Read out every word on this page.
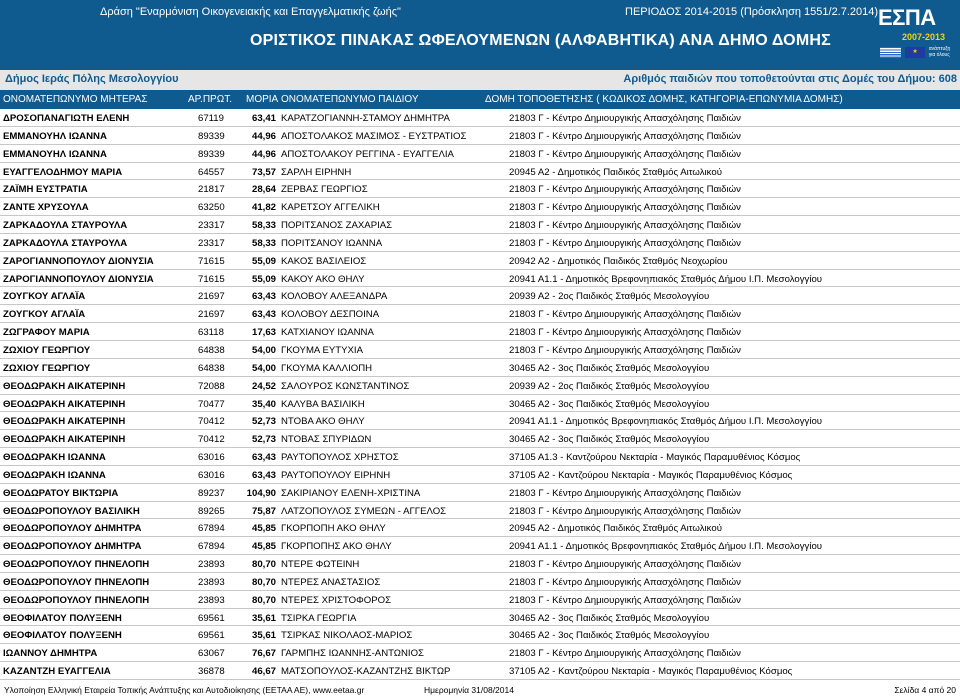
Δράση "Εναρμόνιση Οικογενειακής και Επαγγελματικής ζωής"	ΠΕΡΙΟΔΟΣ 2014-2015 (Πρόσκληση 1551/2.7.2014)
ΟΡΙΣΤΙΚΟΣ ΠΙΝΑΚΑΣ ΩΦΕΛΟΥΜΕΝΩΝ (ΑΛΦΑΒΗΤΙΚΑ) ΑΝΑ ΔΗΜΟ ΔΟΜΗΣ
ΕΣΠΑ
2007-2013
★	ανάπτυξη για όλους
Δήμος Ιεράς Πόλης Μεσολογγίου	Αριθμός παιδιών που τοποθετούνται στις Δομές του Δήμου: 608
ΟΝΟΜΑΤΕΠΩΝΥΜΟ ΜΗΤΕΡΑΣ	ΑΡ.ΠΡΩΤ. ΜΟΡΙΑ ΟΝΟΜΑΤΕΠΩΝΥΜΟ ΠΑΙΔΙΟΥ	ΔΟΜΗ ΤΟΠΟΘΕΤΗΣΗΣ ( ΚΩΔΙΚΟΣ ΔΟΜΗΣ, ΚΑΤΗΓΟΡΙΑ-ΕΠΩΝΥΜΙΑ ΔΟΜΗΣ)
ΔΡΟΣΟΠΑΝΑΓΙΩΤΗ ΕΛΕΝΗ	67119	63,41 ΚΑΡΑΤΖΟΓΙΑΝΝΗ-ΣΤΑΜΟΥ ΔΗΜΗΤΡΑ	21803 Γ - Κέντρο Δημιουργικής Απασχόλησης Παιδιών
ΕΜΜΑΝΟΥΗΛ ΙΩΑΝΝΑ	89339	44,96 ΑΠΟΣΤΟΛΑΚΟΣ ΜΑΣΙΜΟΣ - ΕΥΣΤΡΑΤΙΟΣ	21803 Γ - Κέντρο Δημιουργικής Απασχόλησης Παιδιών
ΕΜΜΑΝΟΥΗΛ ΙΩΑΝΝΑ	89339	44,96 ΑΠΟΣΤΟΛΑΚΟΥ ΡΕΓΓΙΝΑ - ΕΥΑΓΓΕΛΙΑ	21803 Γ - Κέντρο Δημιουργικής Απασχόλησης Παιδιών
ΕΥΑΓΓΕΛΟΔΗΜΟΥ ΜΑΡΙΑ	64557	73,57 ΣΑΡΛΗ ΕΙΡΗΝΗ	20945 Α2 - Δημοτικός Παιδικός Σταθμός Αιτωλικού
ΖΑΪΜΗ ΕΥΣΤΡΑΤΙΑ	21817	28,64 ΖΕΡΒΑΣ ΓΕΩΡΓΙΟΣ	21803 Γ - Κέντρο Δημιουργικής Απασχόλησης Παιδιών
ΖΑΝΤΕ ΧΡΥΣΟΥΛΑ	63250	41,82 ΚΑΡΕΤΣΟΥ ΑΓΓΕΛΙΚΗ	21803 Γ - Κέντρο Δημιουργικής Απασχόλησης Παιδιών
ΖΑΡΚΑΔΟΥΛΑ ΣΤΑΥΡΟΥΛΑ	23317	58,33 ΠΟΡΙΤΣΑΝΟΣ ΖΑΧΑΡΙΑΣ	21803 Γ - Κέντρο Δημιουργικής Απασχόλησης Παιδιών
ΖΑΡΚΑΔΟΥΛΑ ΣΤΑΥΡΟΥΛΑ	23317	58,33 ΠΟΡΙΤΣΑΝΟΥ ΙΩΑΝΝΑ	21803 Γ - Κέντρο Δημιουργικής Απασχόλησης Παιδιών
ΖΑΡΟΓΙΑΝΝΟΠΟΥΛΟΥ ΔΙΟΝΥΣΙΑ	71615	55,09 ΚΑΚΟΣ ΒΑΣΙΛΕΙΟΣ	20942 Α2 - Δημοτικός Παιδικός Σταθμός Νεοχωρίου
ΖΑΡΟΓΙΑΝΝΟΠΟΥΛΟΥ ΔΙΟΝΥΣΙΑ	71615	55,09 ΚΑΚΟΥ ΑΚΟ ΘΗΛΥ	20941 Α1.1 - Δημοτικός Βρεφονηπιακός Σταθμός Δήμου Ι.Π. Μεσολογγίου
ΖΟΥΓΚΟΥ ΑΓΛΑΪΑ	21697	63,43 ΚΟΛΟΒΟΥ ΑΛΕΞΑΝΔΡΑ	20939 Α2 - 2ος Παιδικός Σταθμός Μεσολογγίου
ΖΟΥΓΚΟΥ ΑΓΛΑΪΑ	21697	63,43 ΚΟΛΟΒΟΥ ΔΕΣΠΟΙΝΑ	21803 Γ - Κέντρο Δημιουργικής Απασχόλησης Παιδιών
ΖΩΓΡΑΦΟΥ ΜΑΡΙΑ	63118	17,63 ΚΑΤΧΙΑΝΟΥ ΙΩΑΝΝΑ	21803 Γ - Κέντρο Δημιουργικής Απασχόλησης Παιδιών
ΖΩΧΙΟΥ ΓΕΩΡΓΙΟΥ	64838	54,00 ΓΚΟΥΜΑ ΕΥΤΥΧΙΑ	21803 Γ - Κέντρο Δημιουργικής Απασχόλησης Παιδιών
ΖΩΧΙΟΥ ΓΕΩΡΓΙΟΥ	64838	54,00 ΓΚΟΥΜΑ ΚΑΛΛΙΟΠΗ	30465 Α2 - 3ος Παιδικός Σταθμός Μεσολογγίου
ΘΕΟΔΩΡΑΚΗ ΑΙΚΑΤΕΡΙΝΗ	72088	24,52 ΣΑΛΟΥΡΟΣ ΚΩΝΣΤΑΝΤΙΝΟΣ	20939 Α2 - 2ος Παιδικός Σταθμός Μεσολογγίου
ΘΕΟΔΩΡΑΚΗ ΑΙΚΑΤΕΡΙΝΗ	70477	35,40 ΚΑΛΥΒΑ ΒΑΣΙΛΙΚΗ	30465 Α2 - 3ος Παιδικός Σταθμός Μεσολογγίου
ΘΕΟΔΩΡΑΚΗ ΑΙΚΑΤΕΡΙΝΗ	70412	52,73 ΝΤΟΒΑ ΑΚΟ ΘΗΛΥ	20941 Α1.1 - Δημοτικός Βρεφονηπιακός Σταθμός Δήμου Ι.Π. Μεσολογγίου
ΘΕΟΔΩΡΑΚΗ ΑΙΚΑΤΕΡΙΝΗ	70412	52,73 ΝΤΟΒΑΣ ΣΠΥΡΙΔΩΝ	30465 Α2 - 3ος Παιδικός Σταθμός Μεσολογγίου
ΘΕΟΔΩΡΑΚΗ ΙΩΑΝΝΑ	63016	63,43 ΡΑΥΤΟΠΟΥΛΟΣ ΧΡΗΣΤΟΣ	37105 Α1.3 - Καντζούρου Νεκταρία - Μαγικός Παραμυθένιος Κόσμος
ΘΕΟΔΩΡΑΚΗ ΙΩΑΝΝΑ	63016	63,43 ΡΑΥΤΟΠΟΥΛΟΥ ΕΙΡΗΝΗ	37105 Α2 - Καντζούρου Νεκταρία - Μαγικός Παραμυθένιος Κόσμος
ΘΕΟΔΩΡΑΤΟΥ ΒΙΚΤΩΡΙΑ	89237	104,90 ΣΑΚΙΡΙΑΝΟΥ ΕΛΕΝΗ-ΧΡΙΣΤΙΝΑ	21803 Γ - Κέντρο Δημιουργικής Απασχόλησης Παιδιών
ΘΕΟΔΩΡΟΠΟΥΛΟΥ ΒΑΣΙΛΙΚΗ	89265	75,87 ΛΑΤΖΟΠΟΥΛΟΣ ΣΥΜΕΩΝ - ΑΓΓΕΛΟΣ	21803 Γ - Κέντρο Δημιουργικής Απασχόλησης Παιδιών
ΘΕΟΔΩΡΟΠΟΥΛΟΥ ΔΗΜΗΤΡΑ	67894	45,85 ΓΚΟΡΠΟΠΗ ΑΚΟ ΘΗΛΥ	20945 Α2 - Δημοτικός Παιδικός Σταθμός Αιτωλικού
ΘΕΟΔΩΡΟΠΟΥΛΟΥ ΔΗΜΗΤΡΑ	67894	45,85 ΓΚΟΡΠΟΠΗΣ ΑΚΟ ΘΗΛΥ	20941 Α1.1 - Δημοτικός Βρεφονηπιακός Σταθμός Δήμου Ι.Π. Μεσολογγίου
ΘΕΟΔΩΡΟΠΟΥΛΟΥ ΠΗΝΕΛΟΠΗ	23893	80,70 ΝΤΕΡΕ ΦΩΤΕΙΝΗ	21803 Γ - Κέντρο Δημιουργικής Απασχόλησης Παιδιών
ΘΕΟΔΩΡΟΠΟΥΛΟΥ ΠΗΝΕΛΟΠΗ	23893	80,70 ΝΤΕΡΕΣ ΑΝΑΣΤΑΣΙΟΣ	21803 Γ - Κέντρο Δημιουργικής Απασχόλησης Παιδιών
ΘΕΟΔΩΡΟΠΟΥΛΟΥ ΠΗΝΕΛΟΠΗ	23893	80,70 ΝΤΕΡΕΣ ΧΡΙΣΤΟΦΟΡΟΣ	21803 Γ - Κέντρο Δημιουργικής Απασχόλησης Παιδιών
ΘΕΟΦΙΛΑΤΟΥ ΠΟΛΥΞΕΝΗ	69561	35,61 ΤΣΙΡΚΑ ΓΕΩΡΓΙΑ	30465 Α2 - 3ος Παιδικός Σταθμός Μεσολογγίου
ΘΕΟΦΙΛΑΤΟΥ ΠΟΛΥΞΕΝΗ	69561	35,61 ΤΣΙΡΚΑΣ ΝΙΚΟΛΑΟΣ-ΜΑΡΙΟΣ	30465 Α2 - 3ος Παιδικός Σταθμός Μεσολογγίου
ΙΩΑΝΝΟΥ ΔΗΜΗΤΡΑ	63067	76,67 ΓΑΡΜΠΗΣ ΙΩΑΝΝΗΣ-ΑΝΤΩΝΙΟΣ	21803 Γ - Κέντρο Δημιουργικής Απασχόλησης Παιδιών
ΚΑΖΑΝΤΖΗ ΕΥΑΓΓΕΛΙΑ	36878	46,67 ΜΑΤΣΟΠΟΥΛΟΣ-ΚΑΖΑΝΤΖΗΣ ΒΙΚΤΩΡ	37105 Α2 - Καντζούρου Νεκταρία - Μαγικός Παραμυθένιος Κόσμος
Υλοποίηση Ελληνική Εταιρεία Τοπικής Ανάπτυξης και Αυτοδιοίκησης (ΕΕΤΑΑ ΑΕ), www.eetaa.gr	Ημερομηνία 31/08/2014	Σελίδα 4 από 20
